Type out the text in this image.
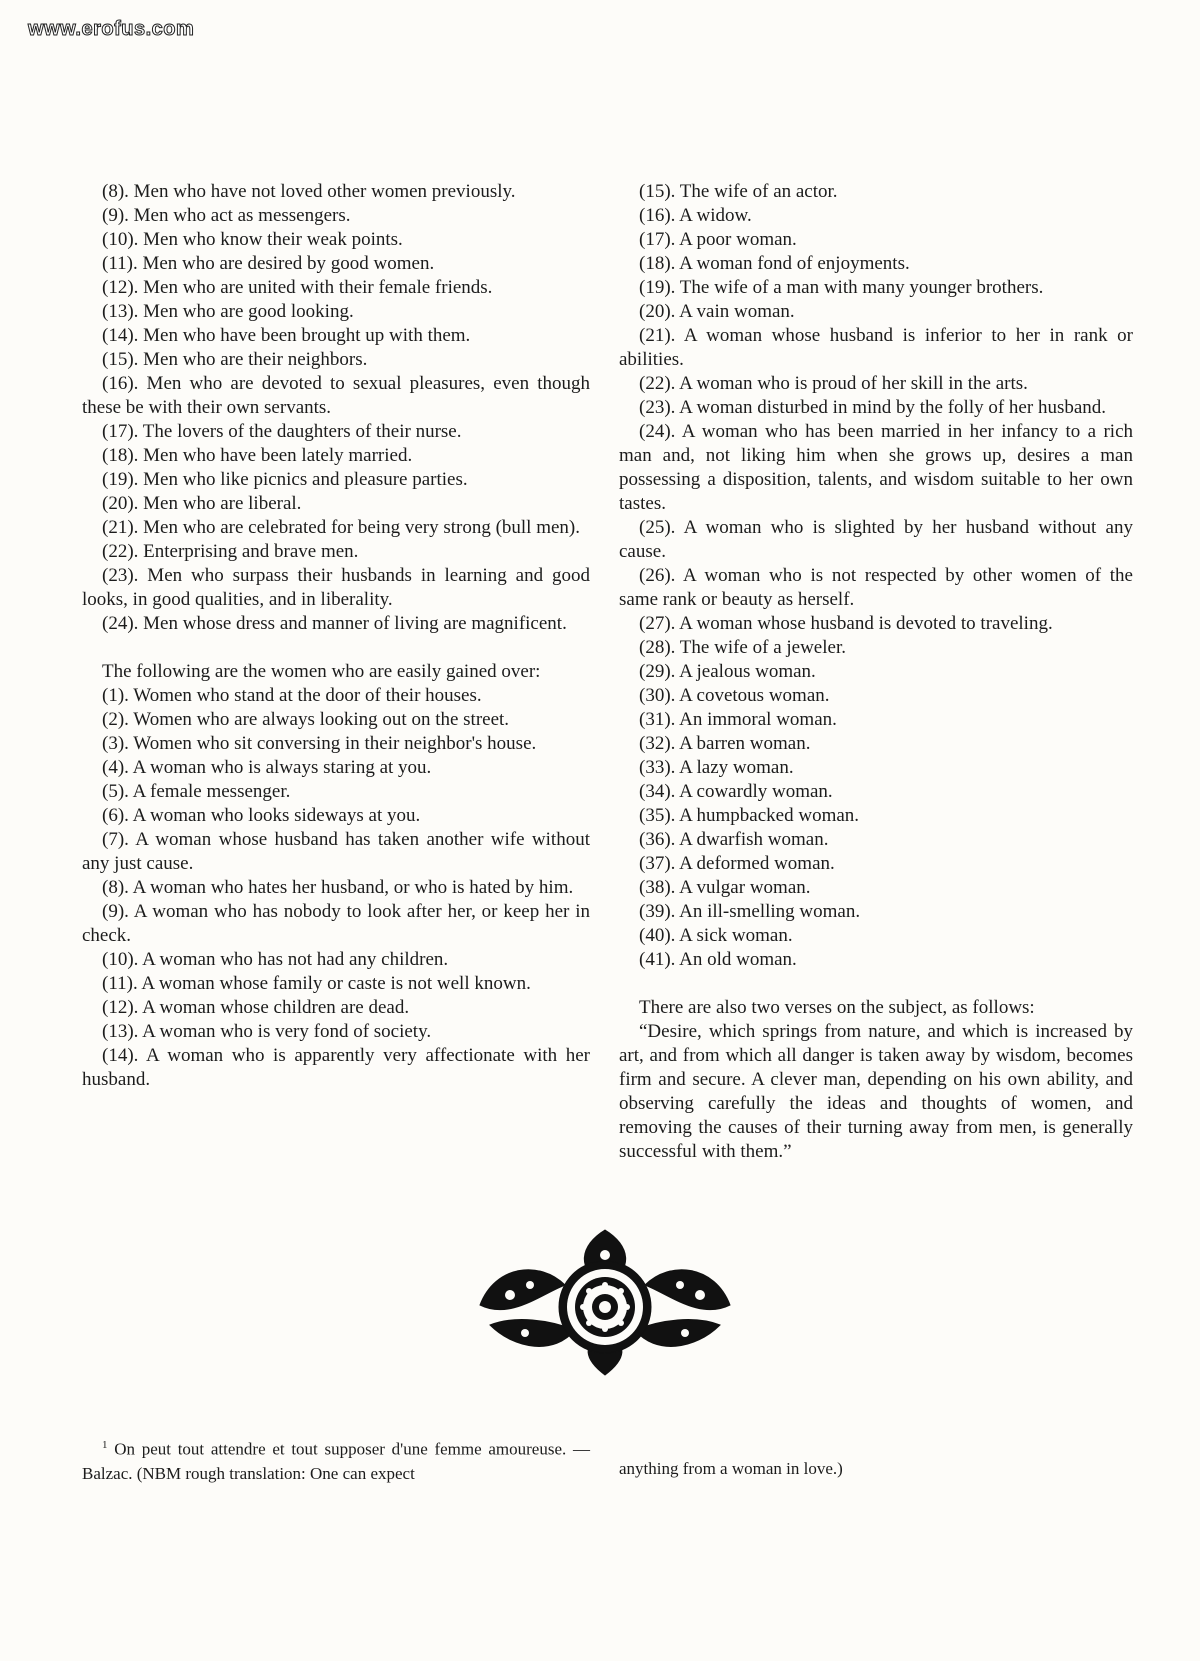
www.erofus.com

(8). Men who have not loved other women previously.

(9). Men who act as messengers.

(10). Men who know their weak points.

(11). Men who are desired by good women.

(12). Men who are united with their female friends.

(13). Men who are good looking.

(14). Men who have been brought up with them.

(15). Men who are their neighbors.

(16). Men who are devoted to sexual pleasures, even though these be with their own servants.

(17). The lovers of the daughters of their nurse.

(18). Men who have been lately married.

(19). Men who like picnics and pleasure parties.

(20). Men who are liberal.

(21). Men who are celebrated for being very strong (bull men).

(22). Enterprising and brave men.

(23). Men who surpass their husbands in learning and good looks, in good qualities, and in liberality.

(24). Men whose dress and manner of living are magnificent.

The following are the women who are easily gained over:

(1). Women who stand at the door of their houses.

(2). Women who are always looking out on the street.

(3). Women who sit conversing in their neighbor's house.

(4). A woman who is always staring at you.

(5). A female messenger.

(6). A woman who looks sideways at you.

(7). A woman whose husband has taken another wife without any just cause.

(8). A woman who hates her husband, or who is hated by him.

(9). A woman who has nobody to look after her, or keep her in check.

(10). A woman who has not had any children.

(11). A woman whose family or caste is not well known.

(12). A woman whose children are dead.

(13). A woman who is very fond of society.

(14). A woman who is apparently very affectionate with her husband.

(15). The wife of an actor.

(16). A widow.

(17). A poor woman.

(18). A woman fond of enjoyments.

(19). The wife of a man with many younger brothers.

(20). A vain woman.

(21). A woman whose husband is inferior to her in rank or abilities.

(22). A woman who is proud of her skill in the arts.

(23). A woman disturbed in mind by the folly of her husband.

(24). A woman who has been married in her infancy to a rich man and, not liking him when she grows up, desires a man possessing a disposition, talents, and wisdom suitable to her own tastes.

(25). A woman who is slighted by her husband without any cause.

(26). A woman who is not respected by other women of the same rank or beauty as herself.

(27). A woman whose husband is devoted to traveling.

(28). The wife of a jeweler.

(29). A jealous woman.

(30). A covetous woman.

(31). An immoral woman.

(32). A barren woman.

(33). A lazy woman.

(34). A cowardly woman.

(35). A humpbacked woman.

(36). A dwarfish woman.

(37). A deformed woman.

(38). A vulgar woman.

(39). An ill-smelling woman.

(40). A sick woman.

(41). An old woman.

There are also two verses on the subject, as follows:

“Desire, which springs from nature, and which is increased by art, and from which all danger is taken away by wisdom, becomes firm and secure. A clever man, depending on his own ability, and observing carefully the ideas and thoughts of women, and removing the causes of their turning away from men, is generally successful with them.”

$^1$ On peut tout attendre et tout supposer d'une femme amoureuse. —Balzac. (NBM rough translation: One can expect	anything from a woman in love.)
